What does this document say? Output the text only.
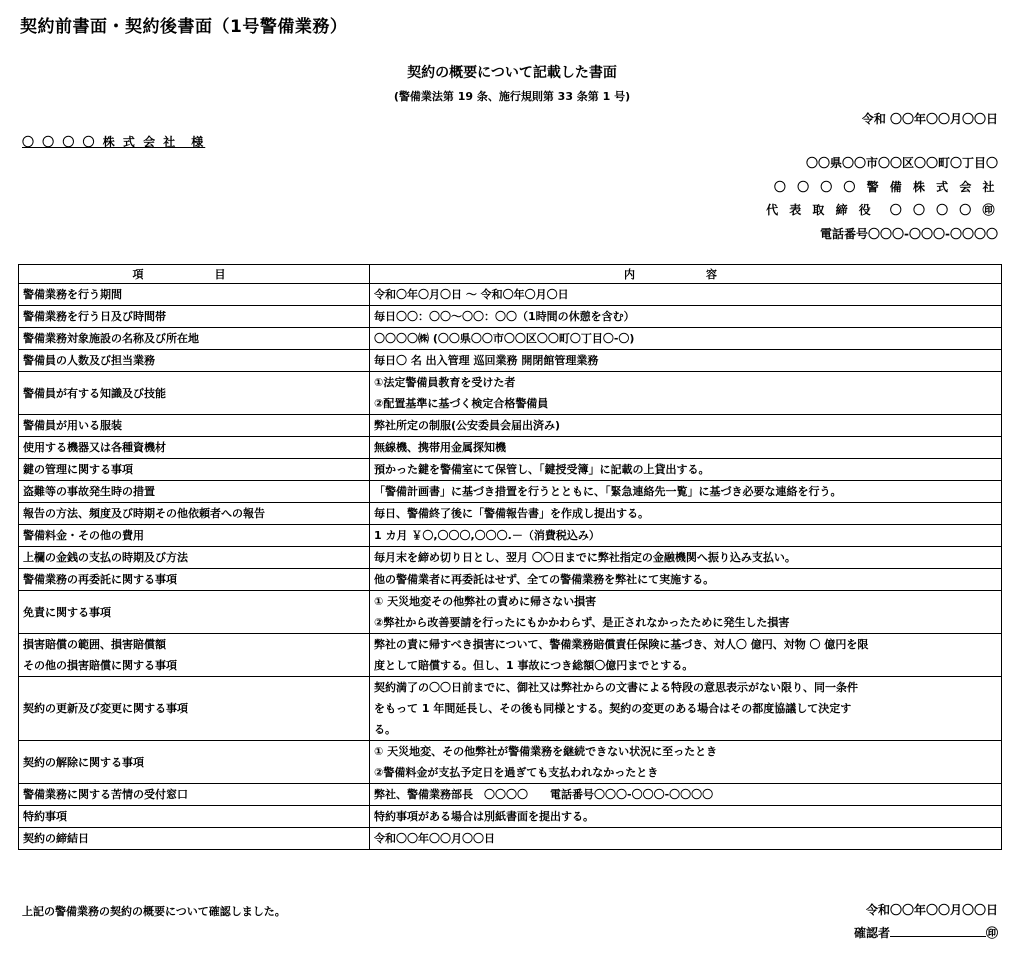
契約前書面・契約後書面（1号警備業務）
契約の概要について記載した書面
(警備業法第 19 条、施行規則第 33 条第 1 号)
令和 〇〇年〇〇月〇〇日
〇 〇 〇 〇 株 式 会 社　様
〇〇県〇〇市〇〇区〇〇町〇丁目〇
〇 〇 〇 〇 警 備 株 式 会 社
代 表 取 締 役　〇 〇 〇 〇 ㊞
電話番号〇〇〇-〇〇〇-〇〇〇〇
項　目	内　容

警備業務を行う期間	令和〇年〇月〇日 ～ 令和〇年〇月〇日

警備業務を行う日及び時間帯	毎日〇〇：〇〇～〇〇：〇〇（1時間の休憩を含む）

警備業務対象施設の名称及び所在地	〇〇〇〇㈱ (〇〇県〇〇市〇〇区〇〇町〇丁目〇-〇)

警備員の人数及び担当業務	毎日〇 名 出入管理 巡回業務 開閉館管理業務

警備員が有する知識及び技能	①法定警備員教育を受けた者
②配置基準に基づく検定合格警備員

警備員が用いる服装	弊社所定の制服(公安委員会届出済み)

使用する機器又は各種資機材	無線機、携帯用金属探知機

鍵の管理に関する事項	預かった鍵を警備室にて保管し、「鍵授受簿」に記載の上貸出する。

盗難等の事故発生時の措置	「警備計画書」に基づき措置を行うとともに、「緊急連絡先一覧」に基づき必要な連絡を行う。

報告の方法、頻度及び時期その他依頼者への報告	毎日、警備終了後に「警備報告書」を作成し提出する。

警備料金・その他の費用	1 カ月 ￥〇,〇〇〇,〇〇〇.－（消費税込み）

上欄の金銭の支払の時期及び方法	毎月末を締め切り日とし、翌月 〇〇日までに弊社指定の金融機関へ振り込み支払い。

警備業務の再委託に関する事項	他の警備業者に再委託はせず、全ての警備業務を弊社にて実施する。

免責に関する事項	① 天災地変その他弊社の責めに帰さない損害
②弊社から改善要請を行ったにもかかわらず、是正されなかったために発生した損害

損害賠償の範囲、損害賠償額
その他の損害賠償に関する事項	弊社の責に帰すべき損害について、警備業務賠償責任保険に基づき、対人〇 億円、対物 〇 億円を限
度として賠償する。但し、1 事故につき総額〇億円までとする。

契約の更新及び変更に関する事項	契約満了の〇〇日前までに、御社又は弊社からの文書による特段の意思表示がない限り、同一条件
をもって 1 年間延長し、その後も同様とする。契約の変更のある場合はその都度協議して決定す
る。

契約の解除に関する事項	① 天災地変、その他弊社が警備業務を継続できない状況に至ったとき
②警備料金が支払予定日を過ぎても支払われなかったとき

警備業務に関する苦情の受付窓口	弊社、警備業務部長　〇〇〇〇　　電話番号〇〇〇-〇〇〇-〇〇〇〇

特約事項	特約事項がある場合は別紙書面を提出する。

契約の締結日	令和〇〇年〇〇月〇〇日
上記の警備業務の契約の概要について確認しました。	令和〇〇年〇〇月〇〇日
確認者	㊞
